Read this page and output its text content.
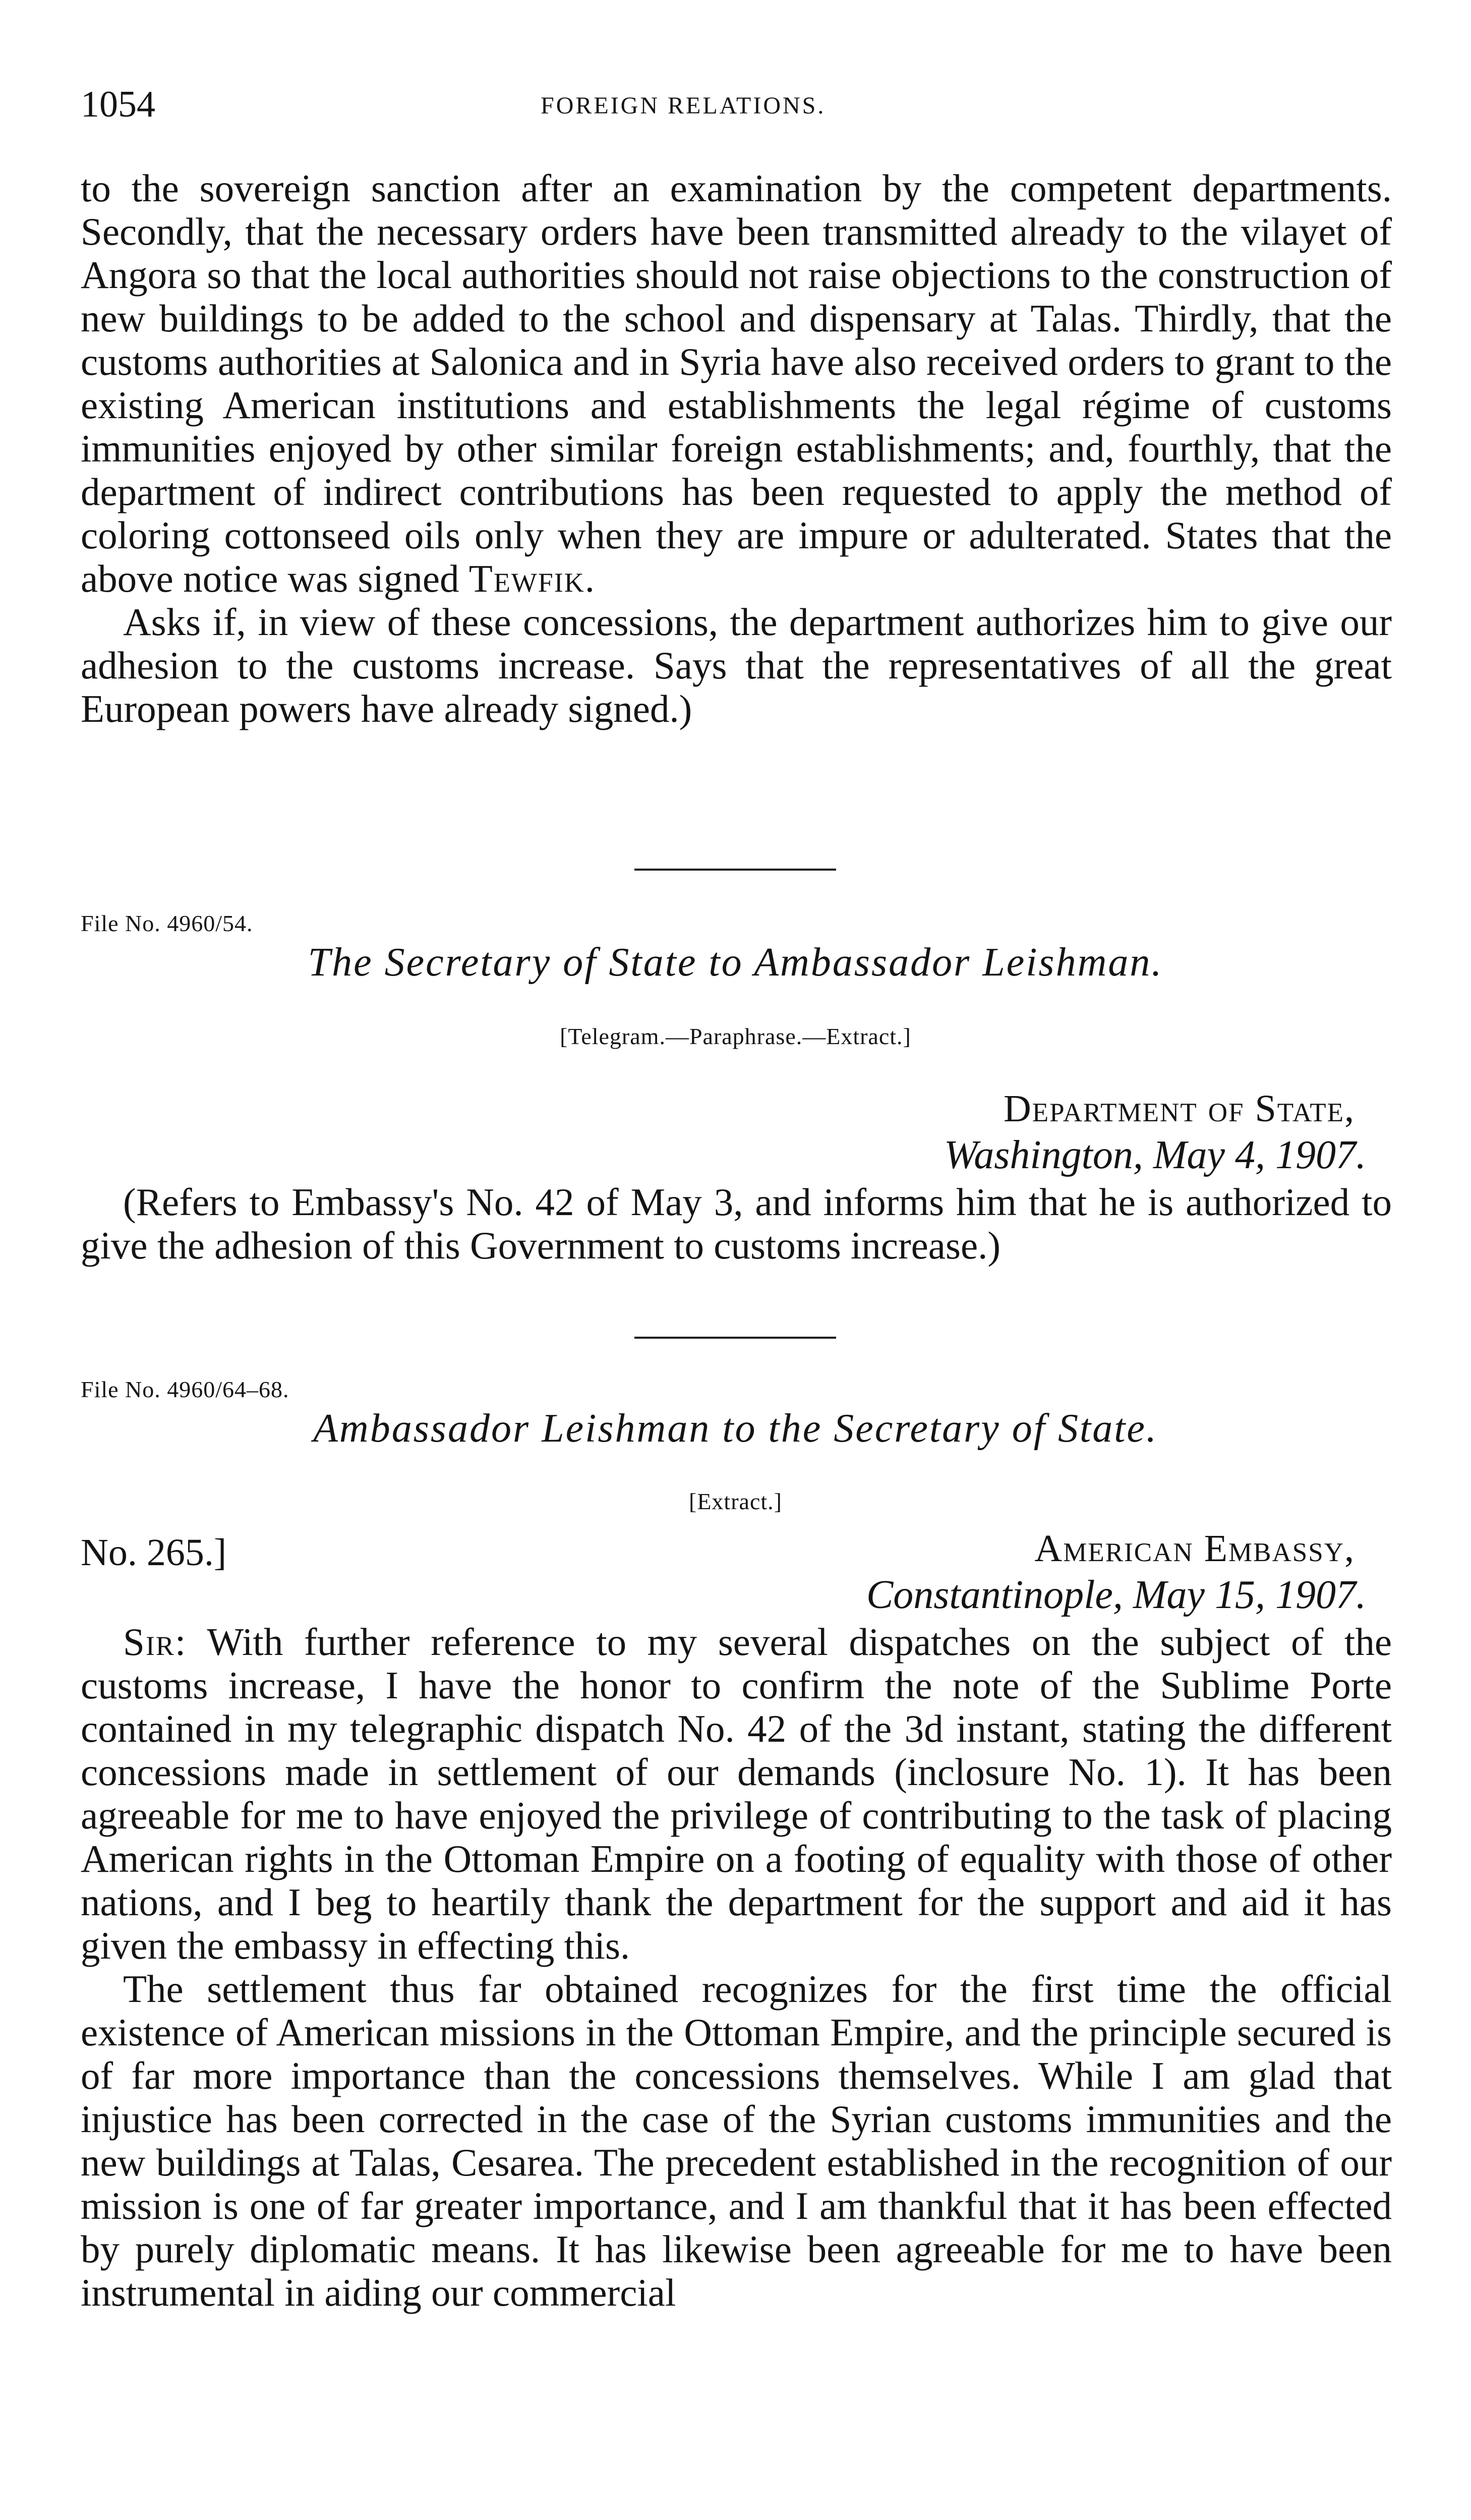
1054	FOREIGN RELATIONS.

to the sovereign sanction after an examination by the competent departments. Secondly, that the necessary orders have been transmitted already to the vilayet of Angora so that the local authorities should not raise objections to the construction of new buildings to be added to the school and dispensary at Talas. Thirdly, that the customs authorities at Salonica and in Syria have also received orders to grant to the existing American institutions and establishments the legal régime of customs immunities enjoyed by other similar foreign establishments; and, fourthly, that the department of indirect contributions has been requested to apply the method of coloring cottonseed oils only when they are impure or adulterated. States that the above notice was signed Tewfik.

Asks if, in view of these concessions, the department authorizes him to give our adhesion to the customs increase. Says that the representatives of all the great European powers have already signed.)

File No. 4960/54.
The Secretary of State to Ambassador Leishman.
[Telegram.—Paraphrase.—Extract.]
Department of State,
Washington, May 4, 1907.

(Refers to Embassy's No. 42 of May 3, and informs him that he is authorized to give the adhesion of this Government to customs increase.)

File No. 4960/64–68.
Ambassador Leishman to the Secretary of State.
[Extract.]
No. 265.]	American Embassy,
Constantinople, May 15, 1907.

Sir: With further reference to my several dispatches on the subject of the customs increase, I have the honor to confirm the note of the Sublime Porte contained in my telegraphic dispatch No. 42 of the 3d instant, stating the different concessions made in settlement of our demands (inclosure No. 1). It has been agreeable for me to have enjoyed the privilege of contributing to the task of placing American rights in the Ottoman Empire on a footing of equality with those of other nations, and I beg to heartily thank the department for the support and aid it has given the embassy in effecting this.

The settlement thus far obtained recognizes for the first time the official existence of American missions in the Ottoman Empire, and the principle secured is of far more importance than the concessions themselves. While I am glad that injustice has been corrected in the case of the Syrian customs immunities and the new buildings at Talas, Cesarea. The precedent established in the recognition of our mission is one of far greater importance, and I am thankful that it has been effected by purely diplomatic means. It has likewise been agreeable for me to have been instrumental in aiding our commercial
